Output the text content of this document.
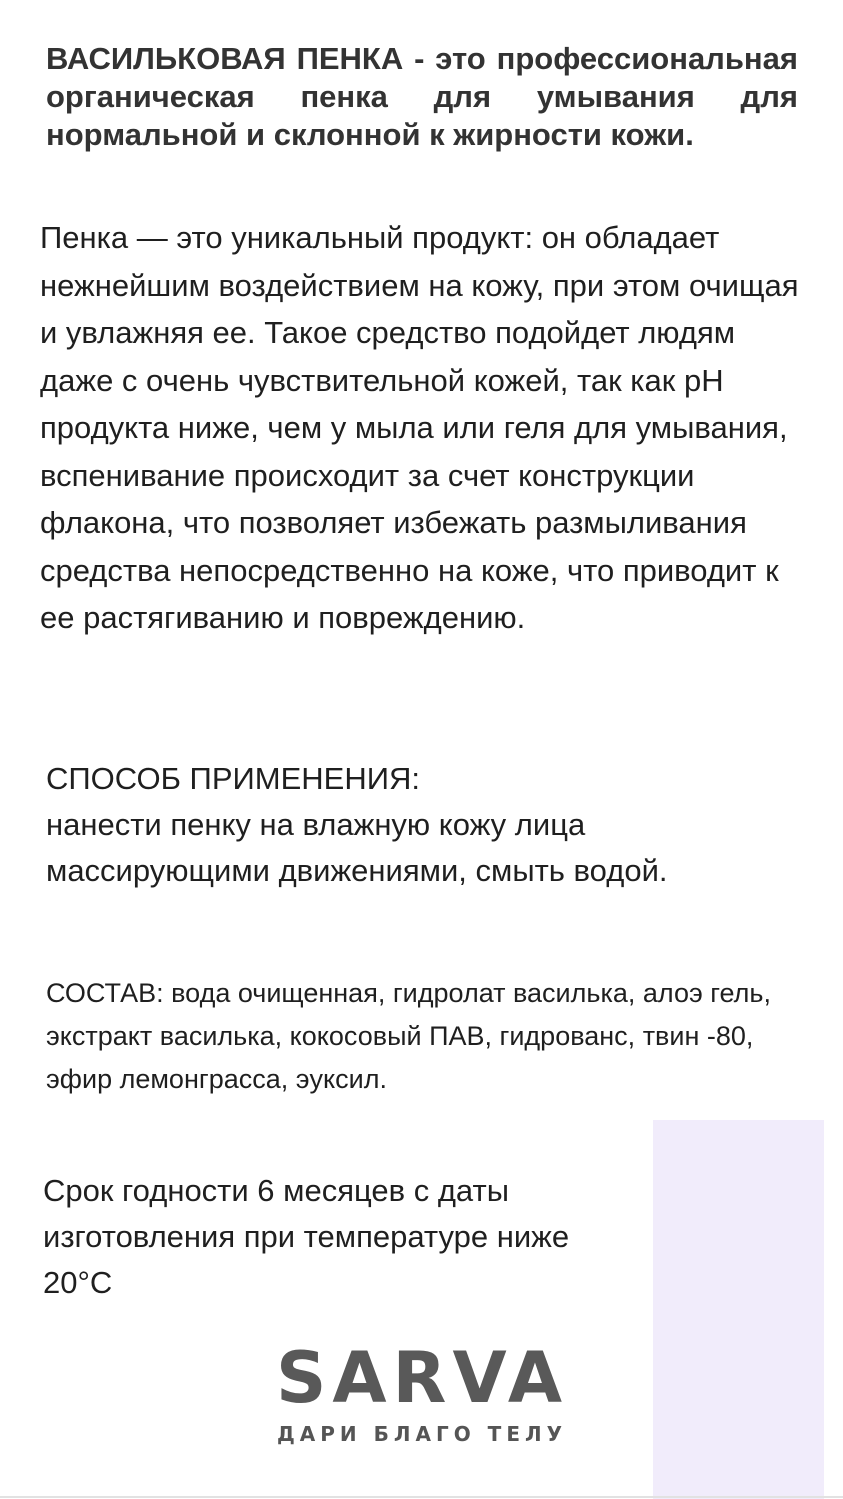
ВАСИЛЬКОВАЯ ПЕНКА - это профессиональная органическая пенка для умывания для нормальной и склонной к жирности кожи.
Пенка — это уникальный продукт: он обладает нежнейшим воздействием на кожу, при этом очищая и увлажняя ее. Такое средство подойдет людям даже с очень чувствительной кожей, так как pH продукта ниже, чем у мыла или геля для умывания, вспенивание происходит за счет конструкции флакона, что позволяет избежать размыливания средства непосредственно на коже, что приводит к ее растягиванию и повреждению.
СПОСОБ ПРИМЕНЕНИЯ:
нанести пенку на влажную кожу лица массирующими движениями, смыть водой.
СОСТАВ: вода очищенная, гидролат василька, алоэ гель, экстракт василька, кокосовый ПАВ, гидрованс, твин -80, эфир лемонграсса, эуксил.
Срок годности 6 месяцев с даты изготовления при температуре ниже 20°С
SARVA
ДАРИ БЛАГО ТЕЛУ
